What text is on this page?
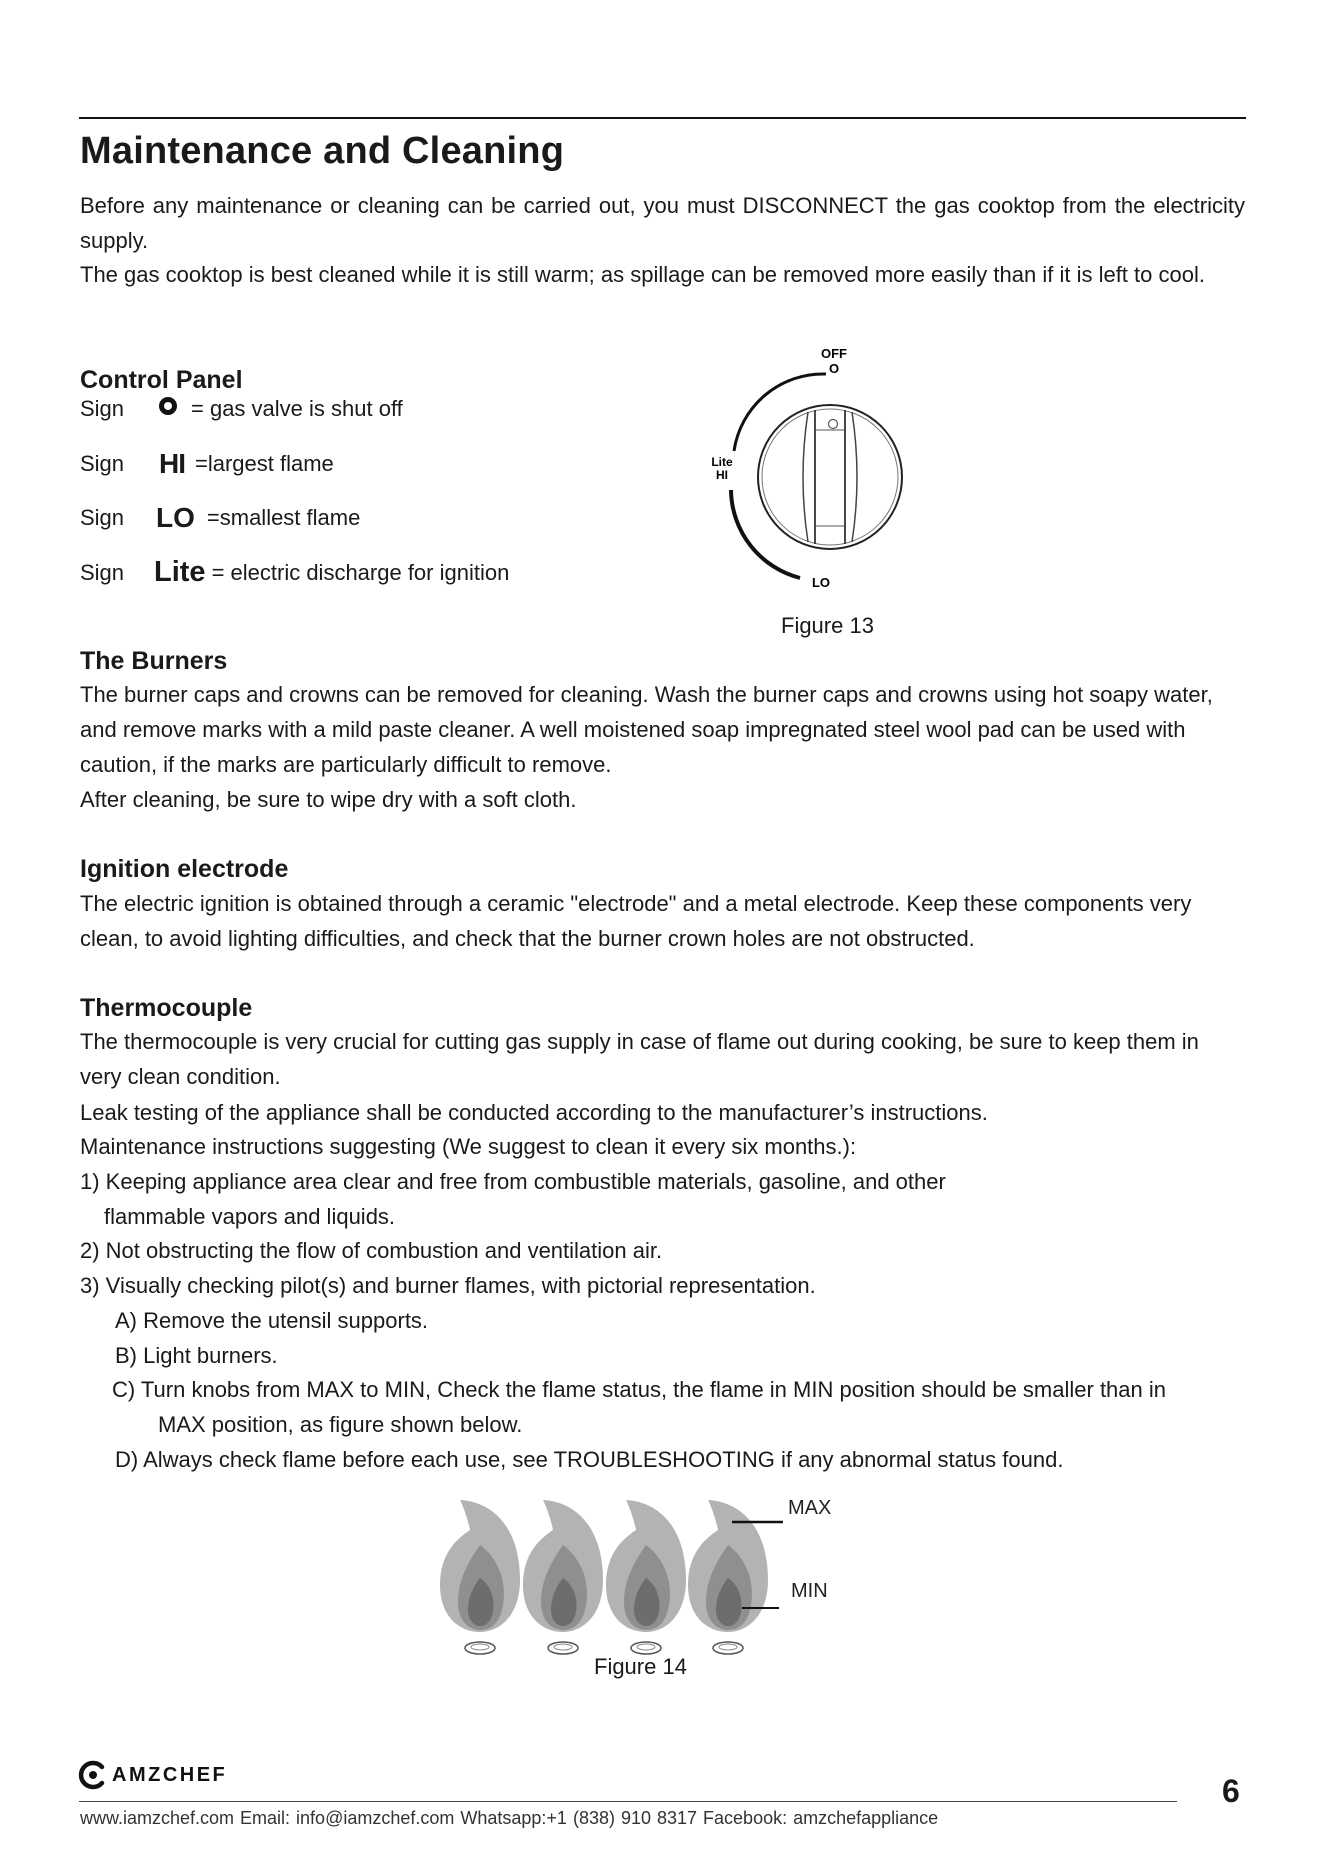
Maintenance and Cleaning

Before any maintenance or cleaning can be carried out, you must DISCONNECT the gas cooktop from the electricity supply.

The gas cooktop is best cleaned while it is still warm; as spillage can be removed more easily than if it is left to cool.

Control Panel
Sign	= gas valve is shut off
Sign	HI =largest flame
Sign	LO =smallest flame
Sign	Lite = electric discharge for ignition
OFF
O
Lite
HI
LO

Figure 13

The Burners

The burner caps and crowns can be removed for cleaning. Wash the burner caps and crowns using hot soapy water, and remove marks with a mild paste cleaner. A well moistened soap impregnated steel wool pad can be used with caution, if the marks are particularly difficult to remove.

After cleaning, be sure to wipe dry with a soft cloth.

Ignition electrode

The electric ignition is obtained through a ceramic "electrode" and a metal electrode. Keep these components very clean, to avoid lighting difficulties, and check that the burner crown holes are not obstructed.

Thermocouple

The thermocouple is very crucial for cutting gas supply in case of flame out during cooking, be sure to keep them in very clean condition.

Leak testing of the appliance shall be conducted according to the manufacturer’s instructions.

Maintenance instructions suggesting (We suggest to clean it every six months.):

1) Keeping appliance area clear and free from combustible materials, gasoline, and other

flammable vapors and liquids.

2) Not obstructing the flow of combustion and ventilation air.

3) Visually checking pilot(s) and burner flames, with pictorial representation.

A) Remove the utensil supports.

B) Light burners.

C) Turn knobs from MAX to MIN, Check the flame status, the flame in MIN position should be smaller than in

MAX position, as figure shown below.

D) Always check flame before each use, see TROUBLESHOOTING if any abnormal status found.

MAX
MIN

Figure 14

AMZCHEF
www.iamzchef.com Email: info@iamzchef.com Whatsapp:+1 (838) 910 8317 Facebook: amzchefappliance
6
